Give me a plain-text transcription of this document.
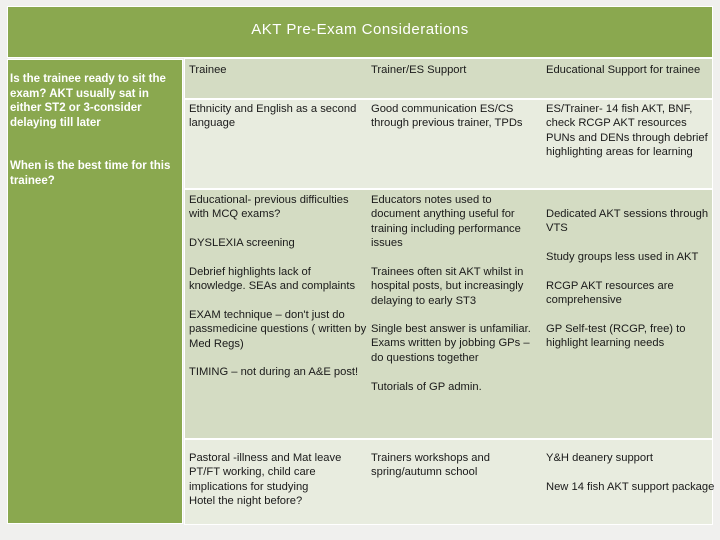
AKT Pre-Exam Considerations
Is the trainee ready to sit the exam? AKT usually sat in either ST2 or 3-consider delaying till later
When is the best time for this trainee?
Trainee	Trainer/ES Support	Educational Support for trainee
Ethnicity and English as a second language
Good communication ES/CS through previous trainer, TPDs
ES/Trainer- 14 fish AKT, BNF, check RCGP AKT resources PUNs and DENs through debrief highlighting areas for learning
Educational- previous difficulties with MCQ exams?
DYSLEXIA screening
Debrief highlights lack of knowledge. SEAs and complaints
EXAM technique – don't just do passmedicine questions ( written by Med Regs)
TIMING – not during an A&E post!
Educators notes used to document anything useful for training including performance issues
Trainees often sit AKT whilst in hospital posts, but increasingly delaying to early ST3
Single best answer is unfamiliar. Exams written by jobbing GPs – do questions together
Tutorials of GP admin.
Dedicated AKT sessions through VTS
Study groups less used in AKT
RCGP AKT resources are comprehensive
GP Self-test (RCGP, free) to highlight learning needs

Pastoral -illness and Mat leave
PT/FT working, child care implications for studying
Hotel the night before?

Trainers workshops and spring/autumn school
Y&H deanery support
New 14 fish AKT support package
